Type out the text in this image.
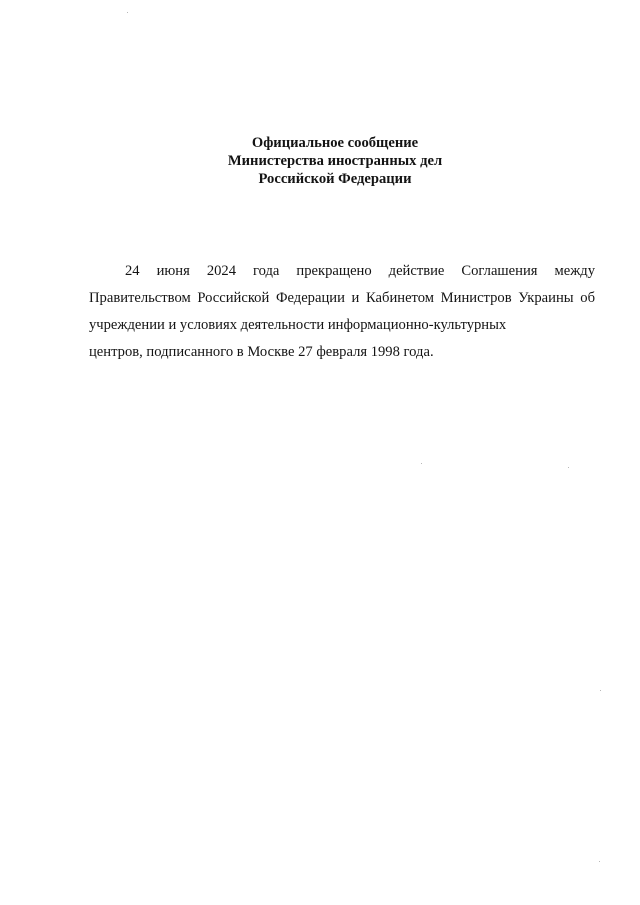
Официальное сообщение
Министерства иностранных дел
Российской Федерации

24 июня 2024 года прекращено действие Соглашения между Правительством Российской Федерации и Кабинетом Министров Украины об учреждении и условиях деятельности информационно-культурных
центров, подписанного в Москве 27 февраля 1998 года.
